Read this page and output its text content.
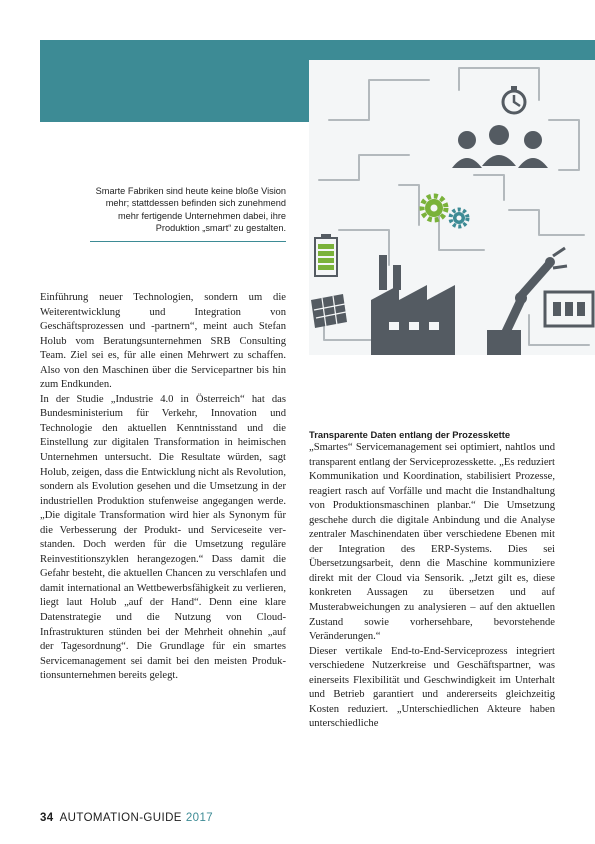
Smarte Fabriken sind heute keine bloße Vision mehr; stattdessen befinden sich zunehmend mehr fertigende Unternehmen dabei, ihre Produktion „smart“ zu gestalten.

Einführung neuer Technologien, sondern um die Weiterentwicklung und Integration von Geschäftsprozessen und -partnern“, meint auch Stefan Holub vom Beratungsunternehmen SRB Consulting Team. Ziel sei es, für alle einen Mehrwert zu schaffen. Also von den Maschinen über die Servicepartner bis hin zum Endkunden.

In der Studie „Industrie 4.0 in Österreich“ hat das Bundesministerium für Verkehr, Innovation und Technologie den aktuellen Kenntnisstand und die Einstellung zur digitalen Transformation in heimischen Unternehmen untersucht. Die Resultate würden, sagt Holub, zeigen, dass die Entwicklung nicht als Revolution, sondern als Evolution gesehen und die Umsetzung in der industriellen Produktion stufenweise angegangen werde. „Die digitale Transformation wird hier als Synonym für die Verbesserung der Produkt- und Serviceseite verstanden. Doch werden für die Umsetzung reguläre Reinvestitionszyklen herangezogen.“ Dass damit die Gefahr besteht, die aktuellen Chancen zu verschlafen und damit international an Wettbewerbsfähigkeit zu verlieren, liegt laut Holub „auf der Hand“. Denn eine klare Datenstrategie und die Nutzung von Cloud-Infrastrukturen stünden bei der Mehrheit ohnehin „auf der Tagesordnung“. Die Grundlage für ein smartes Servicemanagement sei damit bei den meisten Produktionsunternehmen bereits gelegt.

Transparente Daten entlang der Prozesskette

„Smartes“ Servicemanagement sei optimiert, nahtlos und transparent entlang der Serviceprozesskette. „Es reduziert Kommunikation und Koordination, stabilisiert Prozesse, reagiert rasch auf Vorfälle und macht die Instandhaltung von Produktionsmaschinen planbar.“ Die Umsetzung geschehe durch die digitale Anbindung und die Analyse zentraler Maschinendaten über verschiedene Ebenen mit der Integration des ERP-Systems. Dies sei Übersetzungsarbeit, denn die Maschine kommunizierе direkt mit der Cloud via Sensorik. „Jetzt gilt es, diese konkreten Aussagen zu übersetzen und auf Musterabweichungen zu analysieren – auf den aktuellen Zustand sowie vorhersehbare, bevorstehende Veränderungen.“

Dieser vertikale End-to-End-Serviceprozess integriert verschiedene Nutzerkreise und Geschäftspartner, was einerseits Flexibilität und Geschwindigkeit im Unterhalt und Betrieb garantiert und andererseits gleichzeitig Kosten reduziert. „Unterschiedlichen Akteure haben unterschiedliche

34 AUTOMATION-GUIDE 2017
